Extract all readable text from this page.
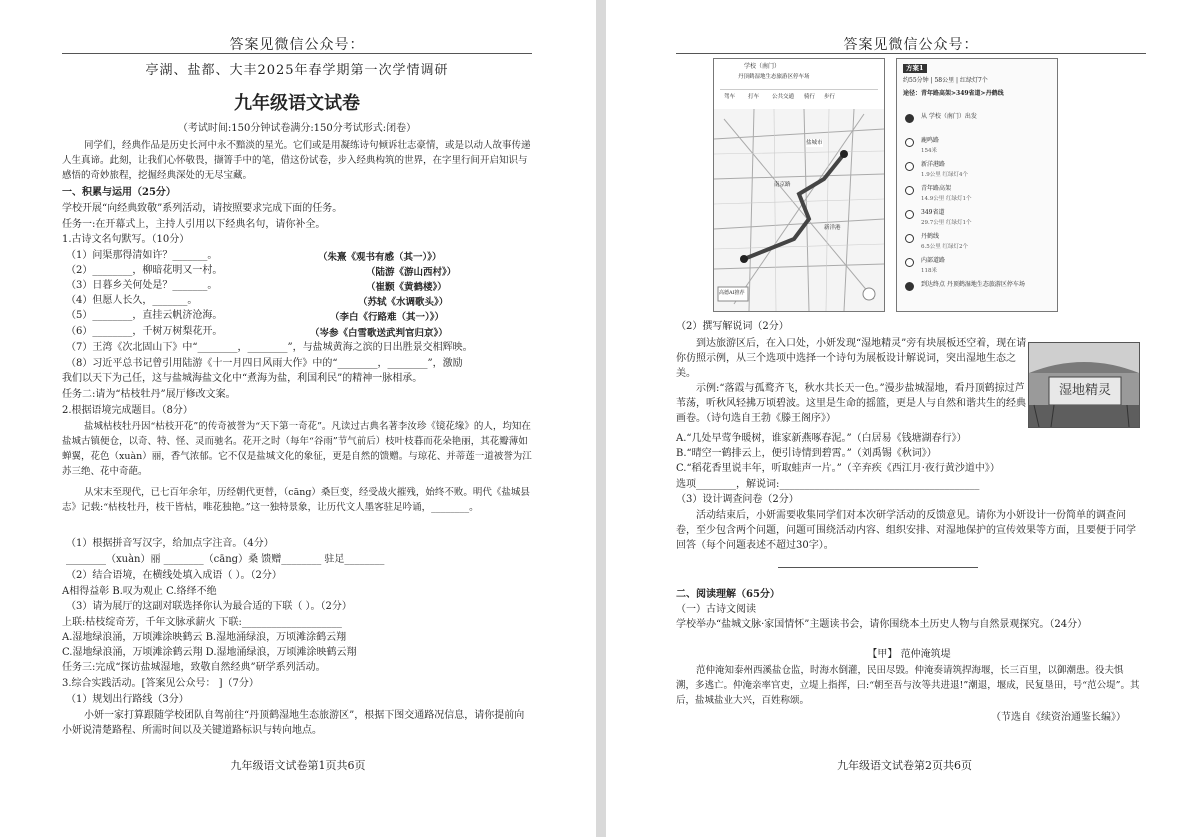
答案见微信公众号：
亭湖、盐都、大丰2025年春学期第一次学情调研
九年级语文试卷
（考试时间:150分钟试卷满分:150分考试形式:闭卷）
同学们，经典作品是历史长河中永不黯淡的星光。它们或是用凝练诗句倾诉壮志豪情，或是以动人故事传递人生真谛。此刻，让我们心怀敬畏，撷箐手中的笔，借这份试卷，步入经典构筑的世界，在字里行间开启知识与感悟的奇妙旅程，挖掘经典深处的无尽宝藏。
一、积累与运用（25分）
学校开展“向经典致敬”系列活动，请按照要求完成下面的任务。
任务一:在开幕式上，主持人引用以下经典名句，请你补全。
1.古诗文名句默写。（10分）
（1）问渠那得清如许？_______。	（朱熹《观书有感（其一）》）
（2）________，柳暗花明又一村。	（陆游《游山西村》）
（3）日暮乡关何处是？_______。	（崔颢《黄鹤楼》）
（4）但愿人长久，_______。	（苏轼《水调歌头》）
（5）________，直挂云帆济沧海。	（李白《行路难（其一）》）
（6）________，千树万树梨花开。	（岑参《白雪歌送武判官归京》）
（7）王湾《次北固山下》中“________，________”，与盐城黄海之滨的日出胜景交相辉映。
（8）习近平总书记曾引用陆游《十一月四日风雨大作》中的“________，________”，激励
我们以天下为己任，这与盐城海盐文化中“煮海为盐，利国利民”的精神一脉相承。
任务二:请为“枯枝牡丹”展厅修改文案。
2.根据语境完成题目。（8分）
盐城枯枝牡丹因“枯枝开花”的传奇被誉为“天下第一奇花”。凡读过古典名著李汝珍《镜花缘》的人，均知在盐城古镇便仓，以奇、特、怪、灵而驰名。花开之时（每年“谷雨”节气前后）枝叶枝暮而花朵艳丽，其花瓣薄如蝉翼，花色（xuàn）丽，香气浓郁。它不仅是盐城文化的象征，更是自然的馈赠。与琼花、并蒂莲一道被誉为江苏三绝、花中奇葩。
从宋末至现代，已七百年余年，历经朝代更替，（cāng）桑巨变，经受战火摧残，始终不败。明代《盐城县志》记载:“枯枝牡丹，枝干皆枯，唯花独艳。”这一独特景象，让历代文人墨客驻足吟诵，________。
（1）根据拼音写汉字，给加点字注音。（4分）
________（xuàn）丽 ________（cāng）桑 馈赠________ 驻足________
（2）结合语境，在横线处填入成语（ ）。（2分）
A相得益彰 B.叹为观止 C.络绎不绝
（3）请为展厅的这副对联选择你认为最合适的下联（ ）。（2分）
上联:枯枝绽奇芳，千年文脉承薪火 下联:____________________
A.湿地绿浪涌，万顷滩涂映鹤云 B.湿地涌绿浪，万顷滩涂鹤云翔
C.湿地绿浪涌，万顷滩涂鹤云翔 D.湿地涌绿浪，万顷滩涂映鹤云翔
任务三:完成“探访盐城湿地，致敬自然经典”研学系列活动。
3.综合实践活动。[答案见公众号： ]（7分）
（1）规划出行路线（3分）
小妍一家打算跟随学校团队自驾前往“丹顶鹤湿地生态旅游区”，根据下图交通路况信息，请你提前向小妍说清楚路程、所需时间以及关键道路标识与转向地点。
九年级语文试卷第1页共6页
答案见微信公众号：
学校（南门）
丹顶鹤湿地生态旅游区停车场
驾车 打车 公共交通 骑行 步行
盐城市
南京路
新洋港
高德AI推荐
方案1
约55分钟 | 58公里 | 红绿灯7个
途径：青年路高架>349省道>丹鹤线
从 学校（南门）出发
鹿鸣路
154米
新洋港路
1.9公里 红绿灯4个
青年路高架
14.9公里 红绿灯1个
349省道
29.7公里 红绿灯1个
丹鹤线
6.5公里 红绿灯2个
内部道路
118米
到达终点 丹顶鹤湿地生态旅游区停车场
（2）撰写解说词（2分）
到达旅游区后，在入口处，小妍发现“湿地精灵”旁有块展板还空着，现在请你仿照示例，从三个选项中选择一个诗句为展板设计解说词，突出湿地生态之美。
湿地精灵
示例:“落霞与孤鹜齐飞，秋水共长天一色。”漫步盐城湿地，看丹顶鹤掠过芦苇荡，听秋风轻拂万顷碧波。这里是生命的摇篮，更是人与自然和谐共生的经典画卷。（诗句选自王勃《滕王阁序》）
A.“几处早莺争暖树，谁家新燕啄春泥。”（白居易《钱塘湖春行》）
B.“晴空一鹤排云上，便引诗情到碧霄。”（刘禹锡《秋词》）
C.“稻花香里说丰年，听取蛙声一片。”（辛弃疾《西江月·夜行黄沙道中》）
选项________，解说词:________________________________________
（3）设计调查问卷（2分）
活动结束后，小妍需要收集同学们对本次研学活动的反馈意见。请你为小妍设计一份简单的调查问卷，至少包含两个问题，问题可围绕活动内容、组织安排、对湿地保护的宣传效果等方面，且要便于同学回答（每个问题表述不超过30字）。
二、阅读理解（65分）
（一）古诗文阅读
学校举办“盐城文脉·家国情怀”主题读书会，请你围绕本土历史人物与自然景观探究。（24分）
【甲】 范仲淹筑堤
范仲淹知泰州西溪盐仓监，时海水倒灌，民田尽毁。仲淹奏请筑捍海堰，长三百里，以御潮患。役夫惧溯，多逃亡。仲淹亲率官吏，立堤上指挥，曰:“朝至吾与汝等共进退!”潮退，堰成，民复垦田，号“范公堤”。其后，盐城盐业大兴，百姓称颂。
（节选自《续资治通鉴长编》）
九年级语文试卷第2页共6页
